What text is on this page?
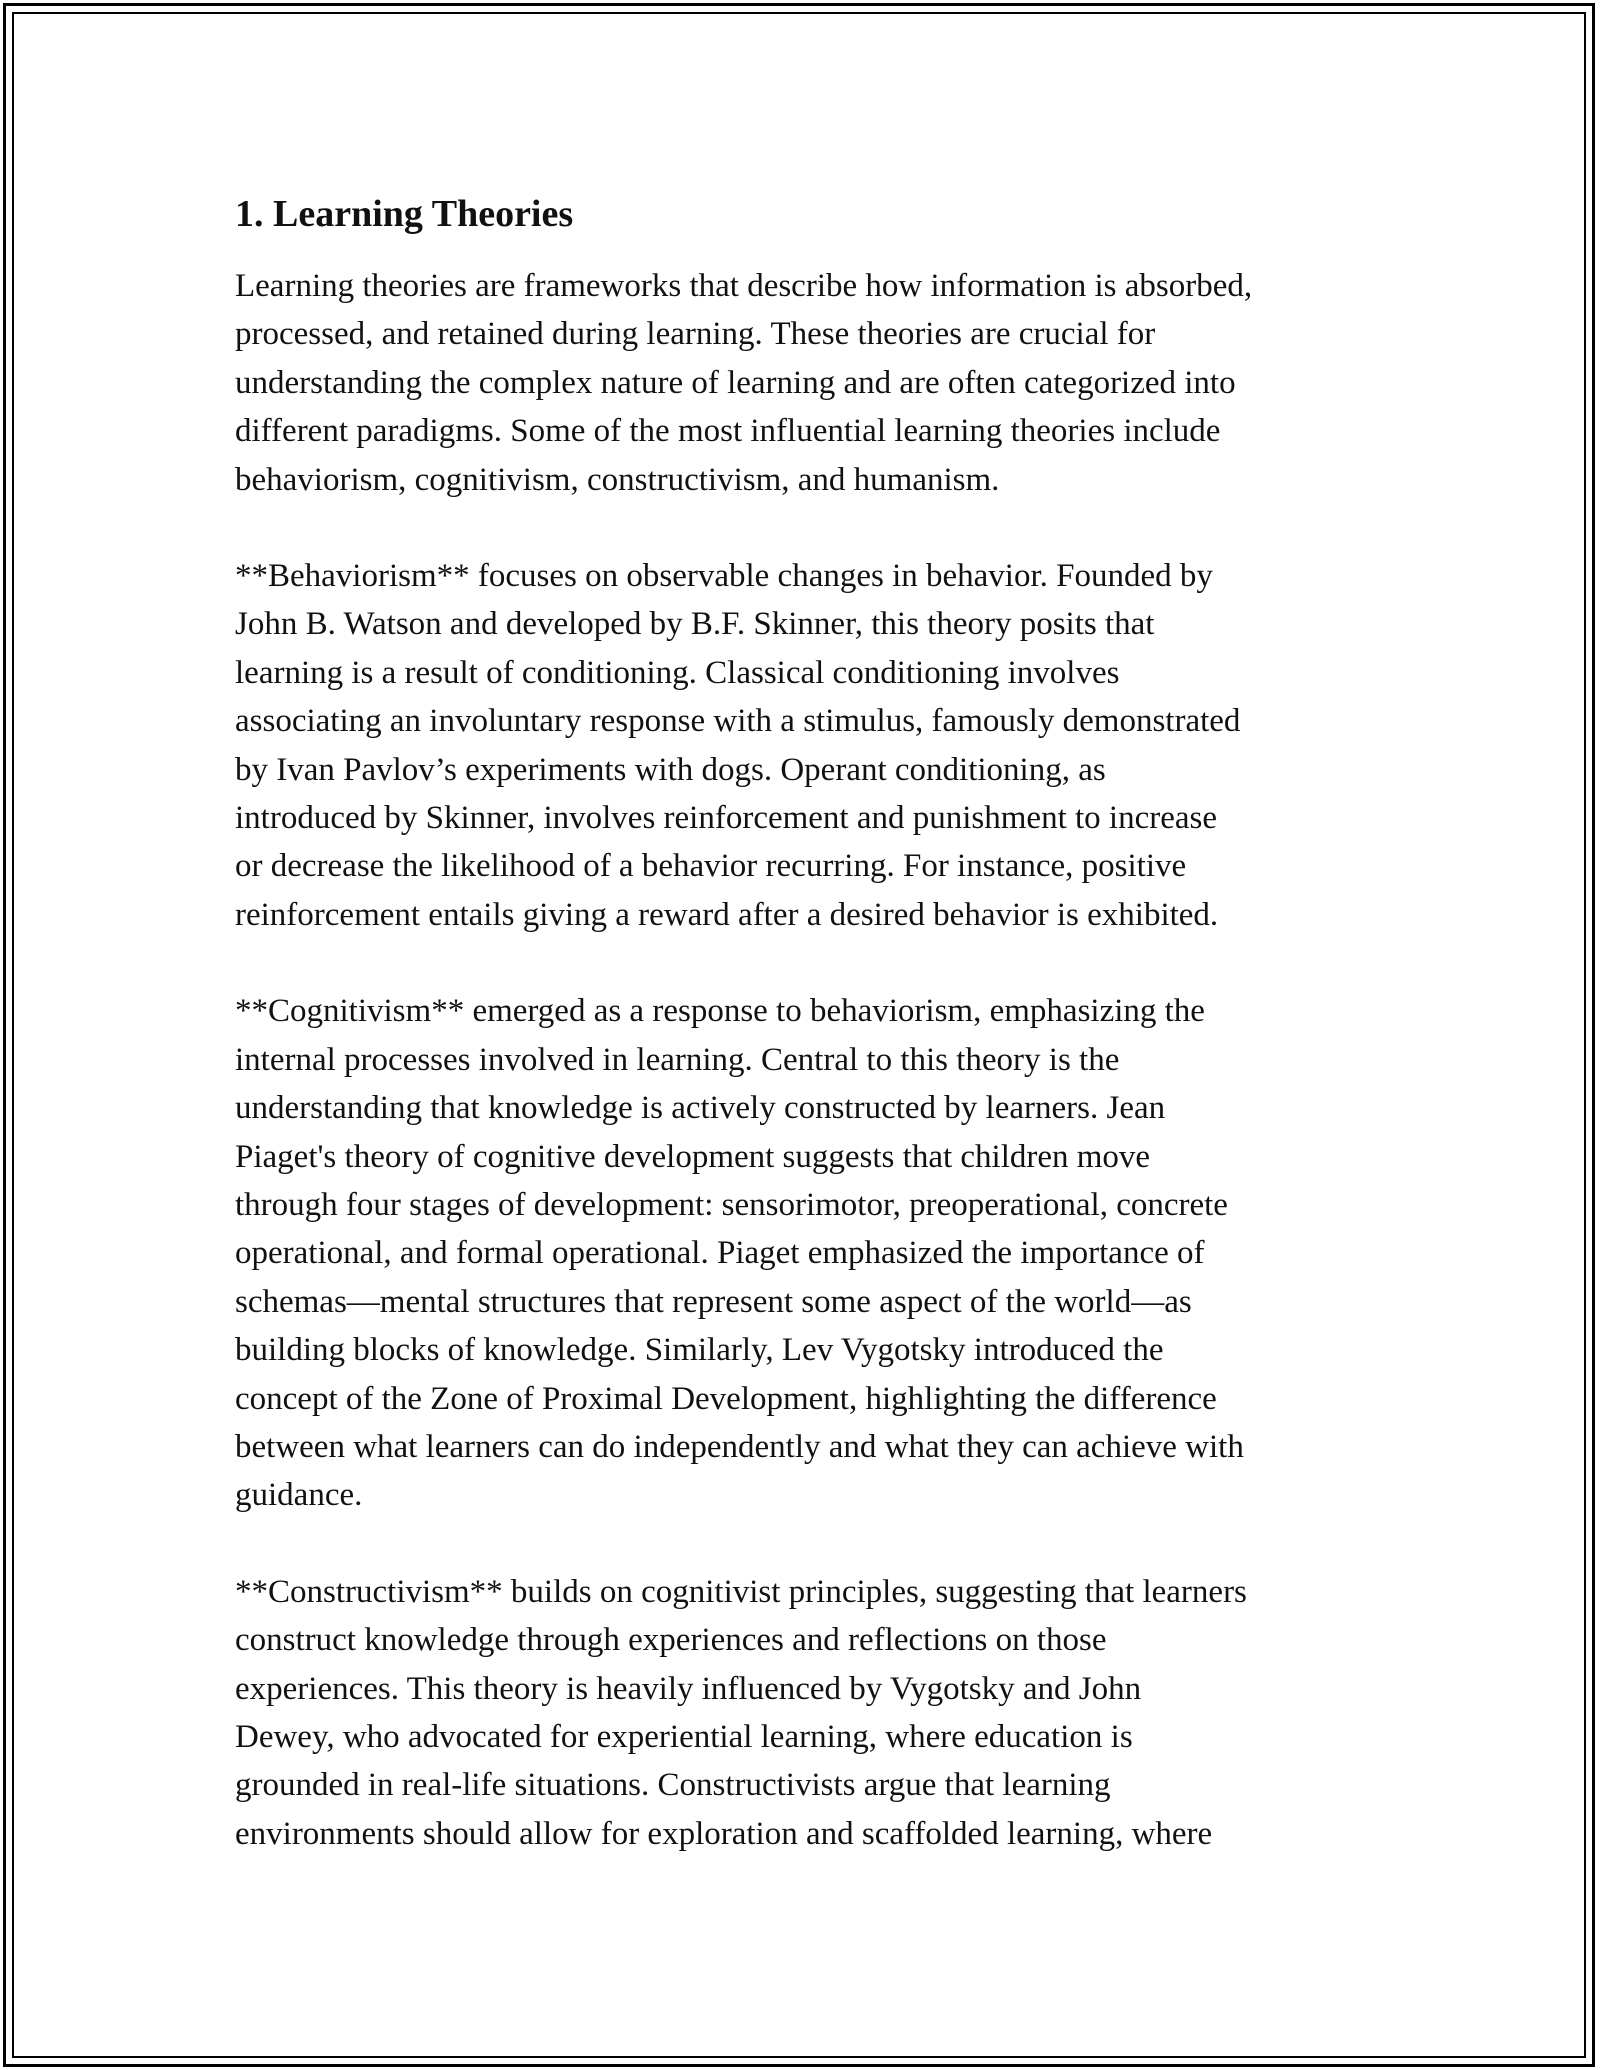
1. Learning Theories

Learning theories are frameworks that describe how information is absorbed,
processed, and retained during learning. These theories are crucial for
understanding the complex nature of learning and are often categorized into
different paradigms. Some of the most influential learning theories include
behaviorism, cognitivism, constructivism, and humanism.

**Behaviorism** focuses on observable changes in behavior. Founded by
John B. Watson and developed by B.F. Skinner, this theory posits that
learning is a result of conditioning. Classical conditioning involves
associating an involuntary response with a stimulus, famously demonstrated
by Ivan Pavlov’s experiments with dogs. Operant conditioning, as
introduced by Skinner, involves reinforcement and punishment to increase
or decrease the likelihood of a behavior recurring. For instance, positive
reinforcement entails giving a reward after a desired behavior is exhibited.

**Cognitivism** emerged as a response to behaviorism, emphasizing the
internal processes involved in learning. Central to this theory is the
understanding that knowledge is actively constructed by learners. Jean
Piaget's theory of cognitive development suggests that children move
through four stages of development: sensorimotor, preoperational, concrete
operational, and formal operational. Piaget emphasized the importance of
schemas—mental structures that represent some aspect of the world—as
building blocks of knowledge. Similarly, Lev Vygotsky introduced the
concept of the Zone of Proximal Development, highlighting the difference
between what learners can do independently and what they can achieve with
guidance.

**Constructivism** builds on cognitivist principles, suggesting that learners
construct knowledge through experiences and reflections on those
experiences. This theory is heavily influenced by Vygotsky and John
Dewey, who advocated for experiential learning, where education is
grounded in real-life situations. Constructivists argue that learning
environments should allow for exploration and scaffolded learning, where
